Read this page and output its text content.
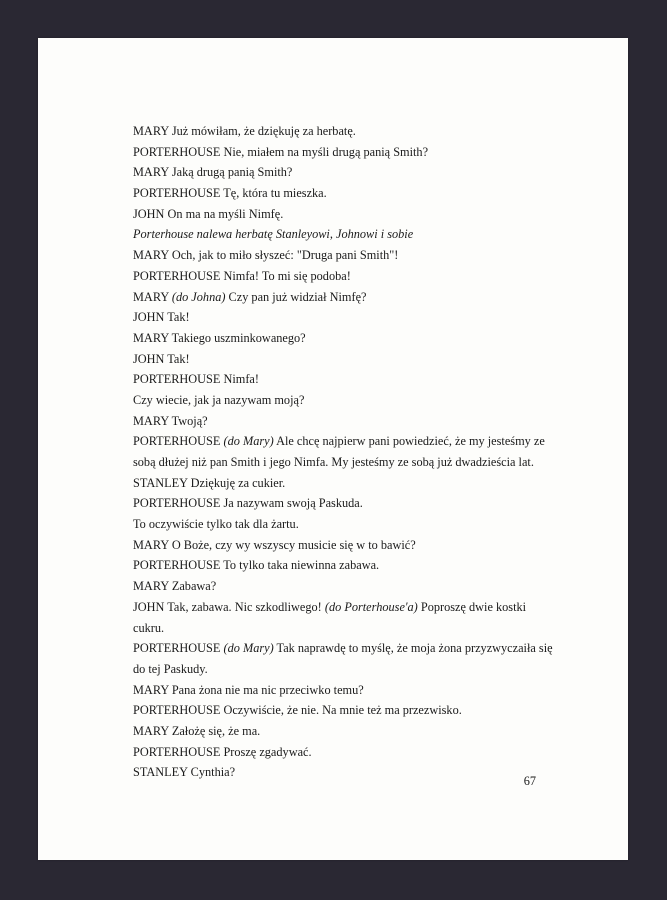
MARY Już mówiłam, że dziękuję za herbatę.
PORTERHOUSE Nie, miałem na myśli drugą panią Smith?
MARY Jaką drugą panią Smith?
PORTERHOUSE Tę, która tu mieszka.
JOHN On ma na myśli Nimfę.
Porterhouse nalewa herbatę Stanleyowi, Johnowi i sobie
MARY Och, jak to miło słyszeć: "Druga pani Smith"!
PORTERHOUSE Nimfa! To mi się podoba!
MARY (do Johna) Czy pan już widział Nimfę?
JOHN Tak!
MARY Takiego uszminkowanego?
JOHN Tak!
PORTERHOUSE Nimfa!
Czy wiecie, jak ja nazywam moją?
MARY Twoją?
PORTERHOUSE (do Mary) Ale chcę najpierw pani powiedzieć, że my jesteśmy ze
sobą dłużej niż pan Smith i jego Nimfa. My jesteśmy ze sobą już dwadzieścia lat.
STANLEY Dziękuję za cukier.
PORTERHOUSE Ja nazywam swoją Paskuda.
To oczywiście tylko tak dla żartu.
MARY O Boże, czy wy wszyscy musicie się w to bawić?
PORTERHOUSE To tylko taka niewinna zabawa.
MARY Zabawa?
JOHN Tak, zabawa. Nic szkodliwego! (do Porterhouse'a) Poproszę dwie kostki
cukru.
PORTERHOUSE (do Mary) Tak naprawdę to myślę, że moja żona przyzwyczaiła się
do tej Paskudy.
MARY Pana żona nie ma nic przeciwko temu?
PORTERHOUSE Oczywiście, że nie. Na mnie też ma przezwisko.
MARY Założę się, że ma.
PORTERHOUSE Proszę zgadywać.
STANLEY Cynthia?
67
